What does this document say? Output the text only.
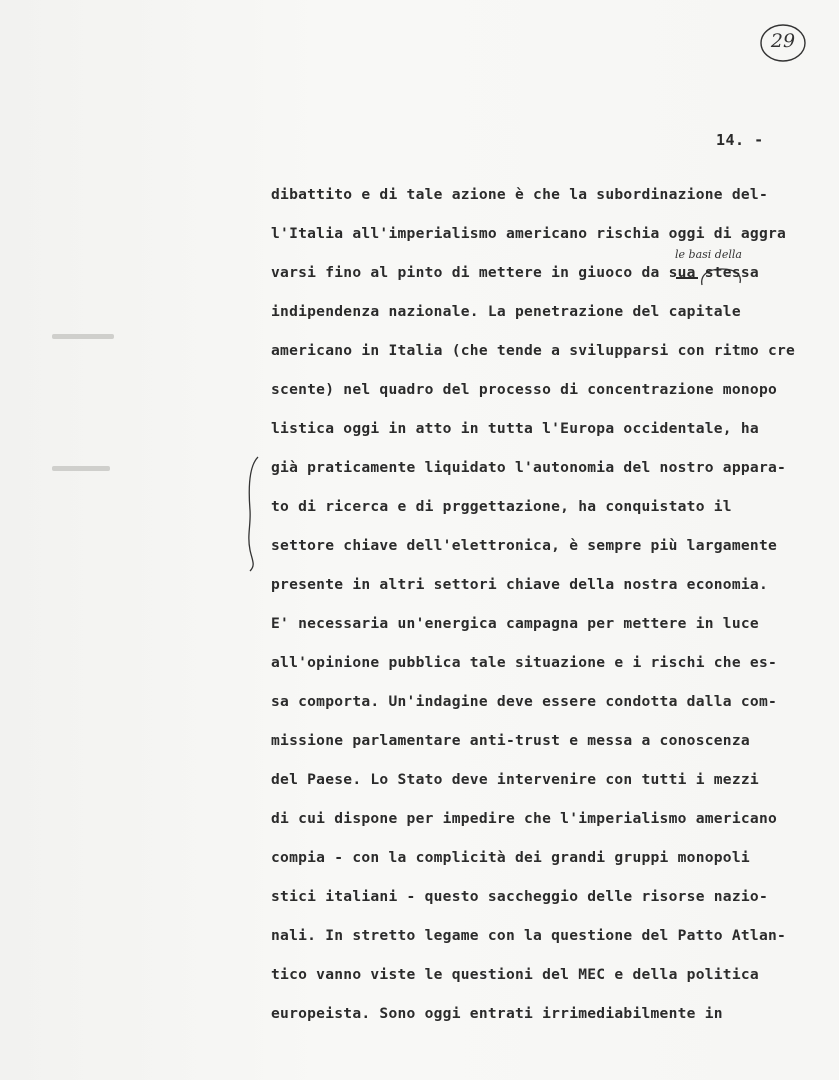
29
14. -
le basi della
dibattito e di tale azione è che la subordinazione del-
l'Italia all'imperialismo americano rischia oggi di aggra
varsi fino al pinto di mettere in giuoco da sua stessa
indipendenza nazionale. La penetrazione del capitale
americano in Italia (che tende a svilupparsi con ritmo cre
scente) nel quadro del processo di concentrazione monopo
listica oggi in atto in tutta l'Europa occidentale, ha
già praticamente liquidato l'autonomia del nostro appara-
to di ricerca e di prggettazione, ha conquistato il
settore chiave dell'elettronica, è sempre più largamente
presente in altri settori chiave della nostra economia.
E' necessaria un'energica campagna per mettere in luce
all'opinione pubblica tale situazione e i rischi che es-
sa comporta. Un'indagine deve essere condotta dalla com-
missione parlamentare anti-trust e messa a conoscenza
del Paese. Lo Stato deve intervenire con tutti i mezzi
di cui dispone per impedire che l'imperialismo americano
compia - con la complicità dei grandi gruppi monopoli
stici italiani - questo saccheggio delle risorse nazio-
nali. In stretto legame con la questione del Patto Atlan-
tico vanno viste le questioni del MEC e della politica
europeista. Sono oggi entrati irrimediabilmente in
